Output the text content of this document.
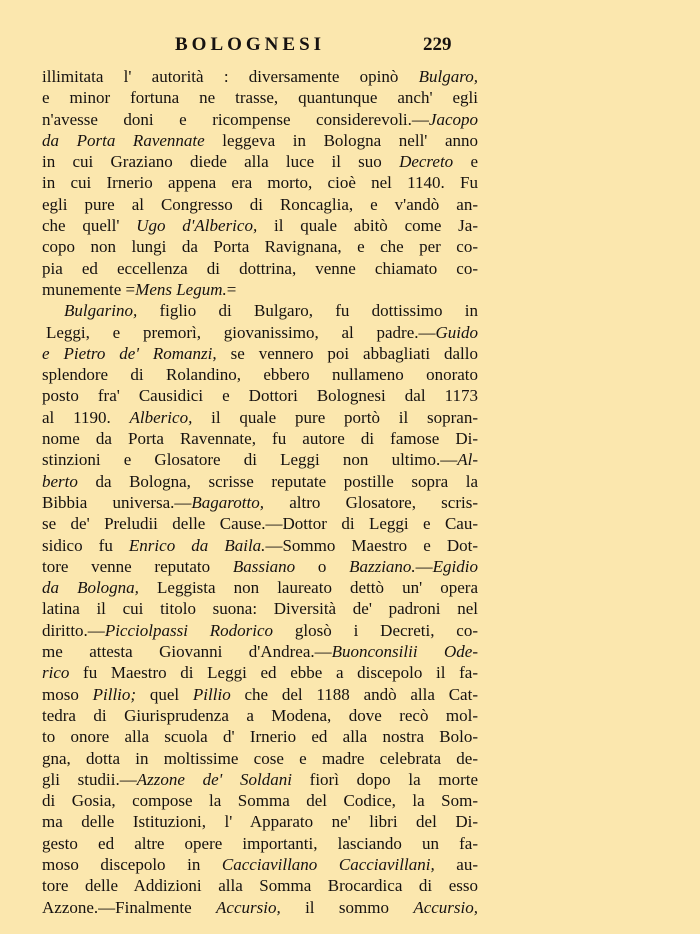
BOLOGNESI	229
illimitata l' autorità : diversamente opinò Bulgaro,
e minor fortuna ne trasse, quantunque anch' egli
n'avesse doni e ricompense considerevoli.—Jacopo
da Porta Ravennate leggeva in Bologna nell' anno
in cui Graziano diede alla luce il suo Decreto e
in cui Irnerio appena era morto, cioè nel 1140. Fu
egli pure al Congresso di Roncaglia, e v'andò an-
che quell' Ugo d'Alberico, il quale abitò come Ja-
copo non lungi da Porta Ravignana, e che per co-
pia ed eccellenza di dottrina, venne chiamato co-
munemente =Mens Legum.=
Bulgarino, figlio di Bulgaro, fu dottissimo in
Leggi, e premorì, giovanissimo, al padre.—Guido
e Pietro de' Romanzi, se vennero poi abbagliati dallo
splendore di Rolandino, ebbero nullameno onorato
posto fra' Causidici e Dottori Bolognesi dal 1173
al 1190. Alberico, il quale pure portò il sopran-
nome da Porta Ravennate, fu autore di famose Di-
stinzioni e Glosatore di Leggi non ultimo.—Al-
berto da Bologna, scrisse reputate postille sopra la
Bibbia universa.—Bagarotto, altro Glosatore, scris-
se de' Preludii delle Cause.—Dottor di Leggi e Cau-
sidico fu Enrico da Baila.—Sommo Maestro e Dot-
tore venne reputato Bassiano o Bazziano.—Egidio
da Bologna, Leggista non laureato dettò un' opera
latina il cui titolo suona: Diversità de' padroni nel
diritto.—Picciolpassi Rodorico glosò i Decreti, co-
me attesta Giovanni d'Andrea.—Buonconsilii Ode-
rico fu Maestro di Leggi ed ebbe a discepolo il fa-
moso Pillio; quel Pillio che del 1188 andò alla Cat-
tedra di Giurisprudenza a Modena, dove recò mol-
to onore alla scuola d' Irnerio ed alla nostra Bolo-
gna, dotta in moltissime cose e madre celebrata de-
gli studii.—Azzone de' Soldani fiorì dopo la morte
di Gosia, compose la Somma del Codice, la Som-
ma delle Istituzioni, l' Apparato ne' libri del Di-
gesto ed altre opere importanti, lasciando un fa-
moso discepolo in Cacciavillano Cacciavillani, au-
tore delle Addizioni alla Somma Brocardica di esso
Azzone.—Finalmente Accursio, il sommo Accursio,
